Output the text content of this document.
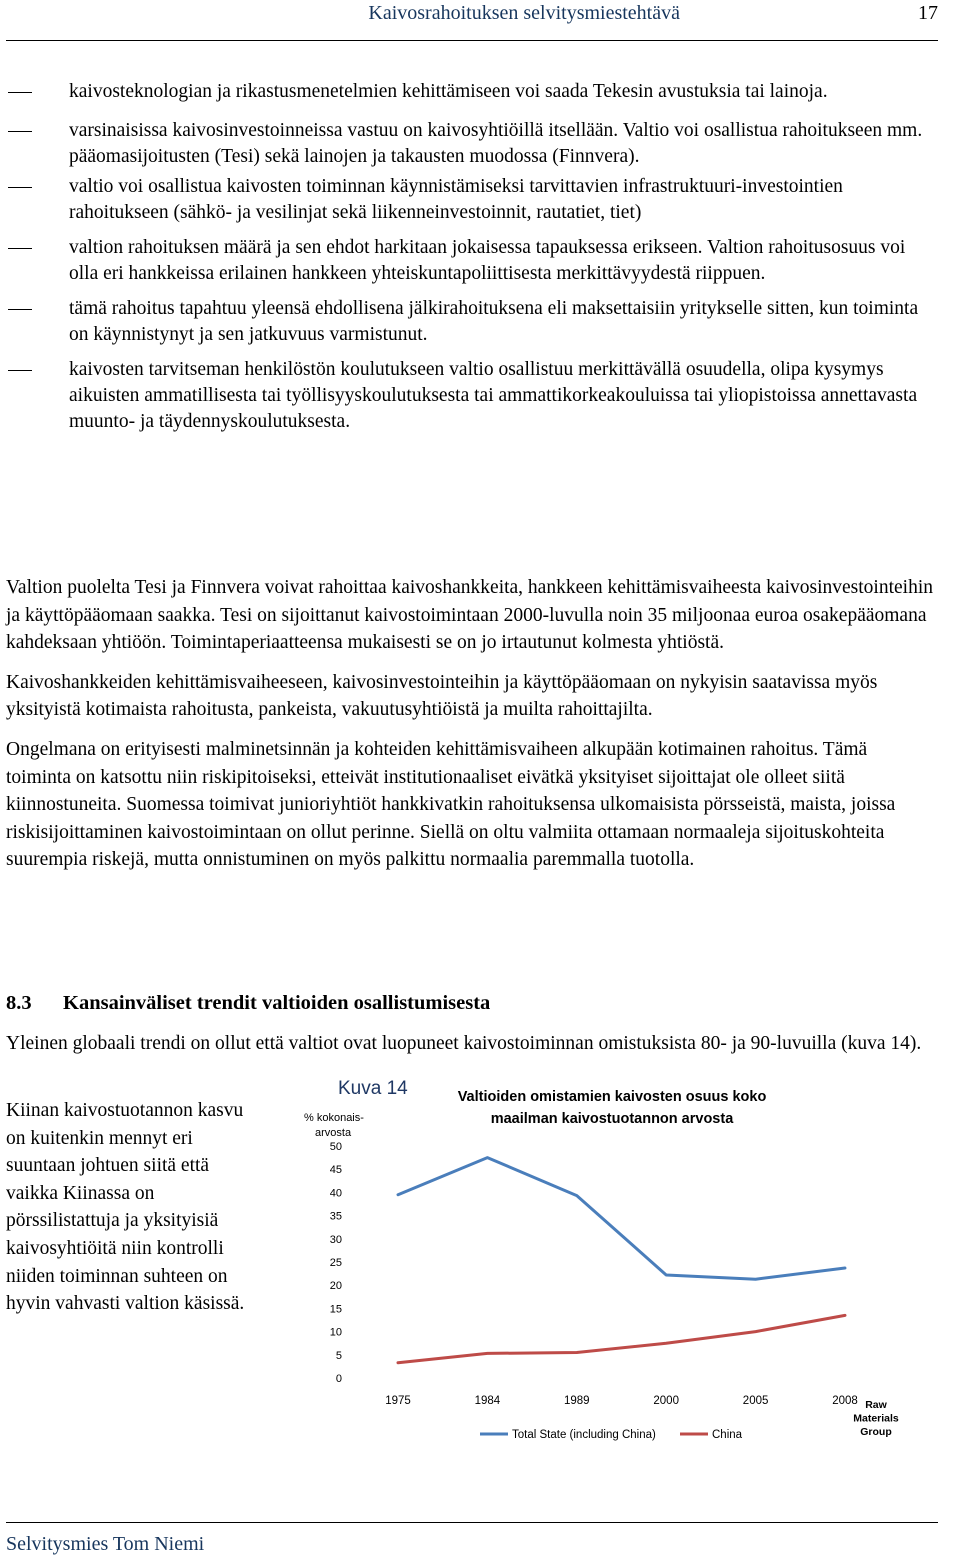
Kaivosrahoituksen selvitysmiestehtävä	17
kaivosteknologian ja rikastusmenetelmien kehittämiseen voi saada Tekesin avustuksia tai lainoja.
varsinaisissa kaivosinvestoinneissa vastuu on kaivosyhtiöillä itsellään. Valtio voi osallistua rahoitukseen mm. pääomasijoitusten (Tesi) sekä lainojen ja takausten muodossa (Finnvera).
valtio voi osallistua kaivosten toiminnan käynnistämiseksi tarvittavien infrastruktuuri-investointien rahoitukseen (sähkö- ja vesilinjat sekä liikenneinvestoinnit, rautatiet, tiet)
valtion rahoituksen määrä ja sen ehdot harkitaan jokaisessa tapauksessa erikseen. Valtion rahoitusosuus voi olla eri hankkeissa erilainen hankkeen yhteiskuntapoliittisesta merkittävyydestä riippuen.
tämä rahoitus tapahtuu yleensä ehdollisena jälkirahoituksena eli maksettaisiin yritykselle sitten, kun toiminta on käynnistynyt ja sen jatkuvuus varmistunut.
kaivosten tarvitseman henkilöstön koulutukseen valtio osallistuu merkittävällä osuudella, olipa kysymys aikuisten ammatillisesta tai työllisyyskoulutuksesta tai ammattikorkeakouluissa tai yliopistoissa annettavasta muunto- ja täydennyskoulutuksesta.

Valtion puolelta Tesi ja Finnvera voivat rahoittaa kaivoshankkeita, hankkeen kehittämisvaiheesta kaivosinvestointeihin ja käyttöpääomaan saakka. Tesi on sijoittanut kaivostoimintaan 2000-luvulla noin 35 miljoonaa euroa osakepääomana kahdeksaan yhtiöön. Toimintaperiaatteensa mukaisesti se on jo irtautunut kolmesta yhtiöstä.

Kaivoshankkeiden kehittämisvaiheeseen, kaivosinvestointeihin ja käyttöpääomaan on nykyisin saatavissa myös yksityistä kotimaista rahoitusta, pankeista, vakuutusyhtiöistä ja muilta rahoittajilta.

Ongelmana on erityisesti malminetsinnän ja kohteiden kehittämisvaiheen alkupään kotimainen rahoitus. Tämä toiminta on katsottu niin riskipitoiseksi, etteivät institutionaaliset eivätkä yksityiset sijoittajat ole olleet siitä kiinnostuneita. Suomessa toimivat junioriyhtiöt hankkivatkin rahoituksensa ulkomaisista pörsseistä, maista, joissa riskisijoittaminen kaivostoimintaan on ollut perinne. Siellä on oltu valmiita ottamaan normaaleja sijoituskohteita suurempia riskejä, mutta onnistuminen on myös palkittu normaalia paremmalla tuotolla.

8.3 Kansainväliset trendit valtioiden osallistumisesta

Yleinen globaali trendi on ollut että valtiot ovat luopuneet kaivostoiminnan omistuksista 80- ja 90-luvuilla (kuva 14).

Kiinan kaivostuotannon kasvu on kuitenkin mennyt eri suuntaan johtuen siitä että vaikka Kiinassa on pörssilistattuja ja yksityisiä kaivosyhtiöitä niin kontrolli niiden toiminnan suhteen on hyvin vahvasti valtion käsissä.

Kuva 14	Valtioiden omistamien kaivosten osuus koko
maailman kaivostuotannon arvosta
% kokonais-
arvosta
0
5
10
15
20
25
30
35
40
45
50
1975	1984	1989	2000	2005	2008
Total State (including China)	China
Raw
Materials
Group
Selvitysmies Tom Niemi
